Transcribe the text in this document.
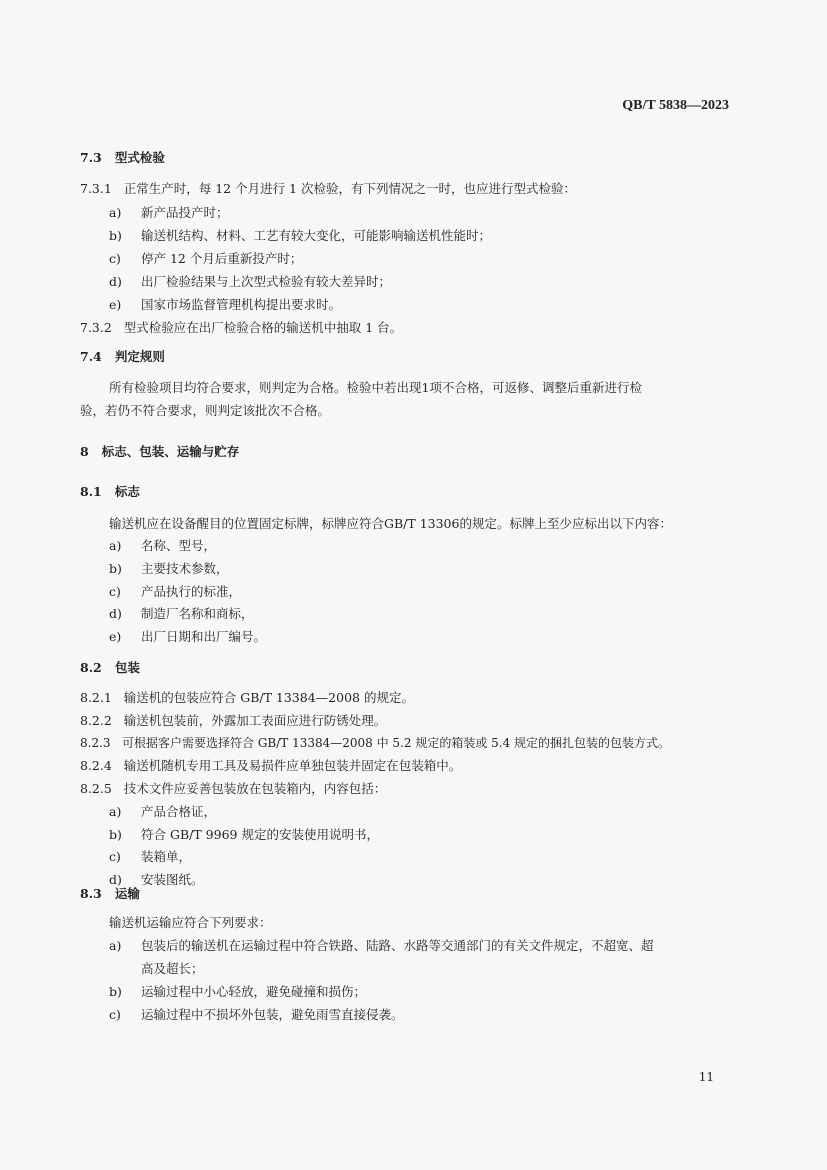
QB/T 5838—2023
7.3 型式检验
7.3.1 正常生产时，每 12 个月进行 1 次检验，有下列情况之一时，也应进行型式检验：
a) 新产品投产时；
b) 输送机结构、材料、工艺有较大变化，可能影响输送机性能时；
c) 停产 12 个月后重新投产时；
d) 出厂检验结果与上次型式检验有较大差异时；
e) 国家市场监督管理机构提出要求时。
7.3.2 型式检验应在出厂检验合格的输送机中抽取 1 台。
7.4 判定规则
所有检验项目均符合要求，则判定为合格。检验中若出现1项不合格，可返修、调整后重新进行检
验，若仍不符合要求，则判定该批次不合格。
8 标志、包装、运输与贮存
8.1 标志
输送机应在设备醒目的位置固定标牌，标牌应符合GB/T 13306的规定。标牌上至少应标出以下内容：
a) 名称、型号，
b) 主要技术参数，
c) 产品执行的标准，
d) 制造厂名称和商标，
e) 出厂日期和出厂编号。
8.2 包装
8.2.1 输送机的包装应符合 GB/T 13384—2008 的规定。
8.2.2 输送机包装前，外露加工表面应进行防锈处理。
8.2.3 可根据客户需要选择符合 GB/T 13384—2008 中 5.2 规定的箱装或 5.4 规定的捆扎包装的包装方式。
8.2.4 输送机随机专用工具及易损件应单独包装并固定在包装箱中。
8.2.5 技术文件应妥善包装放在包装箱内，内容包括：
a) 产品合格证，
b) 符合 GB/T 9969 规定的安装使用说明书，
c) 装箱单，
d) 安装图纸。
8.3 运输
输送机运输应符合下列要求：
a) 包装后的输送机在运输过程中符合铁路、陆路、水路等交通部门的有关文件规定，不超宽、超
高及超长；
b) 运输过程中小心轻放，避免碰撞和损伤；
c) 运输过程中不损坏外包装，避免雨雪直接侵袭。
11
